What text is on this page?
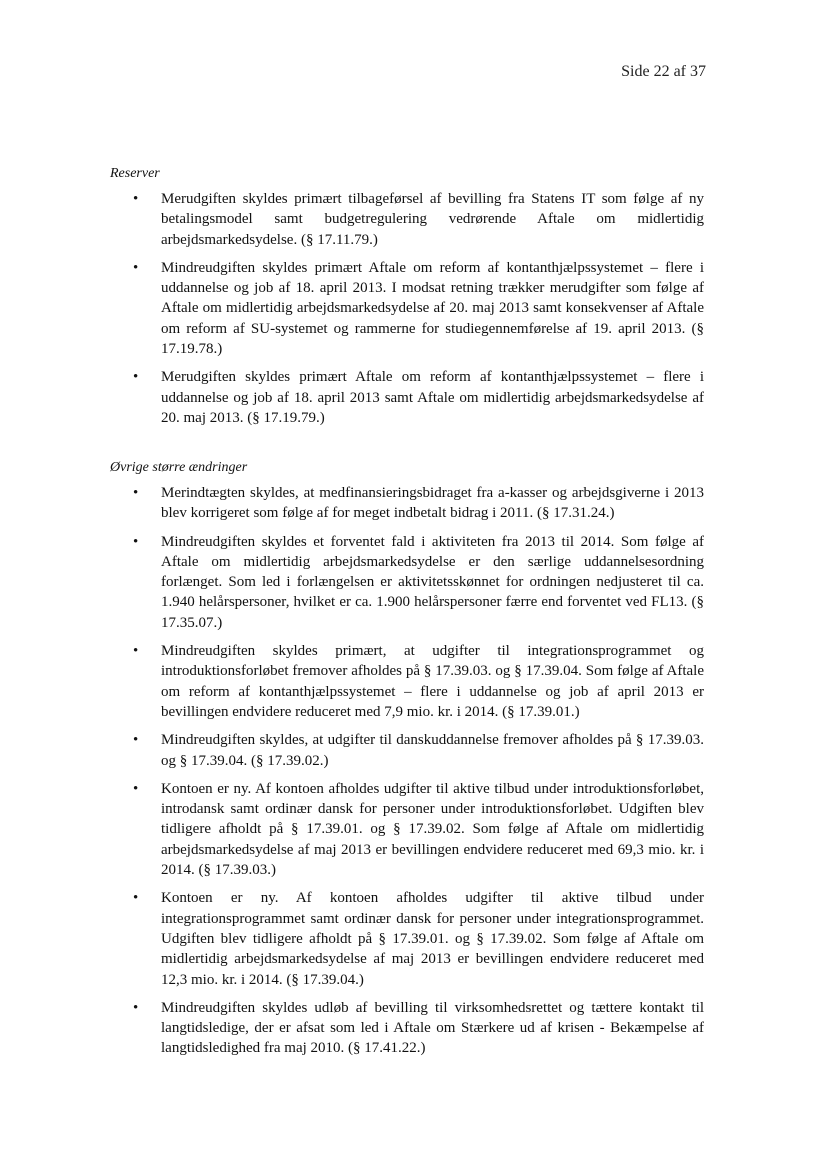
Side 22 af 37
Reserver
• Merudgiften skyldes primært tilbageførsel af bevilling fra Statens IT som følge af ny betalingsmodel samt budgetregulering vedrørende Aftale om midlertidig arbejdsmarkedsydelse. (§ 17.11.79.)
• Mindreudgiften skyldes primært Aftale om reform af kontanthjælpssystemet – flere i uddannelse og job af 18. april 2013. I modsat retning trækker merudgifter som følge af Aftale om midlertidig arbejdsmarkedsydelse af 20. maj 2013 samt konsekvenser af Aftale om reform af SU-systemet og rammerne for studiegennemførelse af 19. april 2013. (§ 17.19.78.)
• Merudgiften skyldes primært Aftale om reform af kontanthjælpssystemet – flere i uddannelse og job af 18. april 2013 samt Aftale om midlertidig arbejdsmarkedsydelse af 20. maj 2013. (§ 17.19.79.)
Øvrige større ændringer
• Merindtægten skyldes, at medfinansieringsbidraget fra a-kasser og arbejdsgiverne i 2013 blev korrigeret som følge af for meget indbetalt bidrag i 2011. (§ 17.31.24.)
• Mindreudgiften skyldes et forventet fald i aktiviteten fra 2013 til 2014. Som følge af Aftale om midlertidig arbejdsmarkedsydelse er den særlige uddannelsesordning forlænget. Som led i forlængelsen er aktivitetsskønnet for ordningen nedjusteret til ca. 1.940 helårspersoner, hvilket er ca. 1.900 helårspersoner færre end forventet ved FL13. (§ 17.35.07.)
• Mindreudgiften skyldes primært, at udgifter til integrationsprogrammet og introduktionsforløbet fremover afholdes på § 17.39.03. og § 17.39.04. Som følge af Aftale om reform af kontanthjælpssystemet – flere i uddannelse og job af april 2013 er bevillingen endvidere reduceret med 7,9 mio. kr. i 2014. (§ 17.39.01.)
• Mindreudgiften skyldes, at udgifter til danskuddannelse fremover afholdes på § 17.39.03. og § 17.39.04. (§ 17.39.02.)
• Kontoen er ny. Af kontoen afholdes udgifter til aktive tilbud under introduktionsforløbet, introdansk samt ordinær dansk for personer under introduktionsforløbet. Udgiften blev tidligere afholdt på § 17.39.01. og § 17.39.02. Som følge af Aftale om midlertidig arbejdsmarkedsydelse af maj 2013 er bevillingen endvidere reduceret med 69,3 mio. kr. i 2014. (§ 17.39.03.)
• Kontoen er ny. Af kontoen afholdes udgifter til aktive tilbud under integrationsprogrammet samt ordinær dansk for personer under integrationsprogrammet. Udgiften blev tidligere afholdt på § 17.39.01. og § 17.39.02. Som følge af Aftale om midlertidig arbejdsmarkedsydelse af maj 2013 er bevillingen endvidere reduceret med 12,3 mio. kr. i 2014. (§ 17.39.04.)
• Mindreudgiften skyldes udløb af bevilling til virksomhedsrettet og tættere kontakt til langtidsledige, der er afsat som led i Aftale om Stærkere ud af krisen - Bekæmpelse af langtidsledighed fra maj 2010. (§ 17.41.22.)
